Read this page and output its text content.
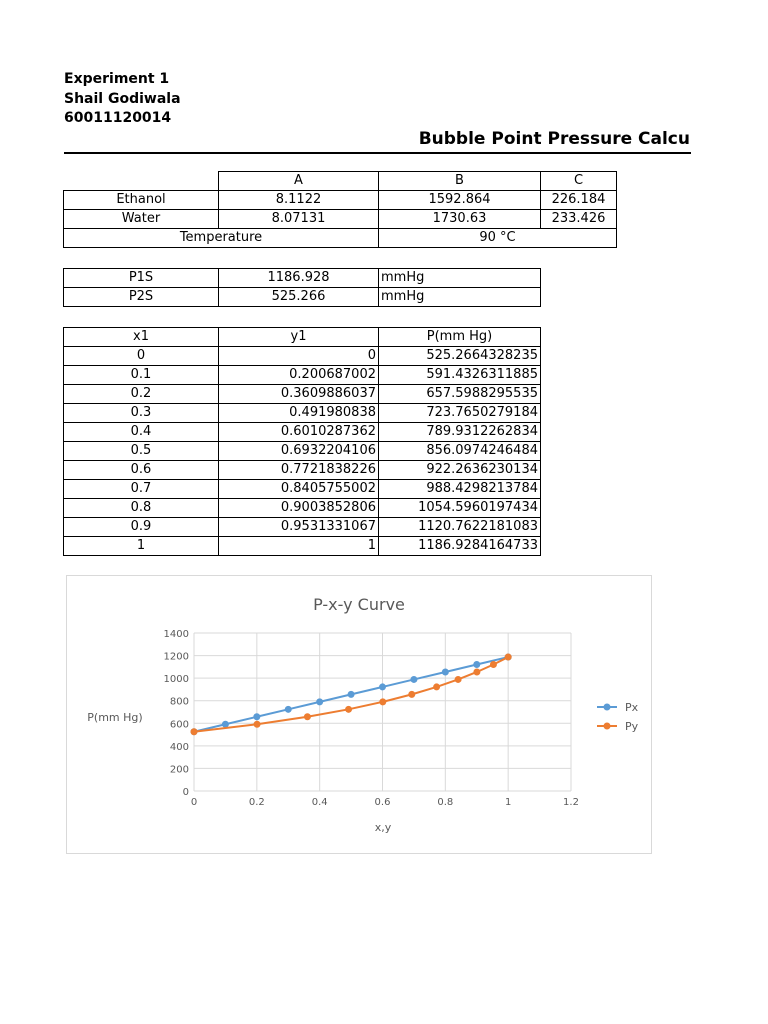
Experiment 1
Shail Godiwala
60011120014
Bubble Point Pressure Calcu
	A	B	C
Ethanol	8.1122	1592.864	226.184
Water	8.07131	1730.63	233.426
Temperature		90 °C	
P1S	1186.928	mmHg
P2S	525.266	mmHg
x1	y1	P(mm Hg)
0	0	525.2664328235
0.1	0.200687002	591.4326311885
0.2	0.3609886037	657.5988295535
0.3	0.491980838	723.7650279184
0.4	0.6010287362	789.9312262834
0.5	0.6932204106	856.0974246484
0.6	0.7721838226	922.2636230134
0.7	0.8405755002	988.4298213784
0.8	0.9003852806	1054.5960197434
0.9	0.9531331067	1120.7622181083
1	1	1186.9284164733
P-x-y Curve
0
200
400
600
800
1000
1200
1400
0	0.2	0.4	0.6	0.8	1	1.2
x,y
P(mm Hg)
Px
Py
